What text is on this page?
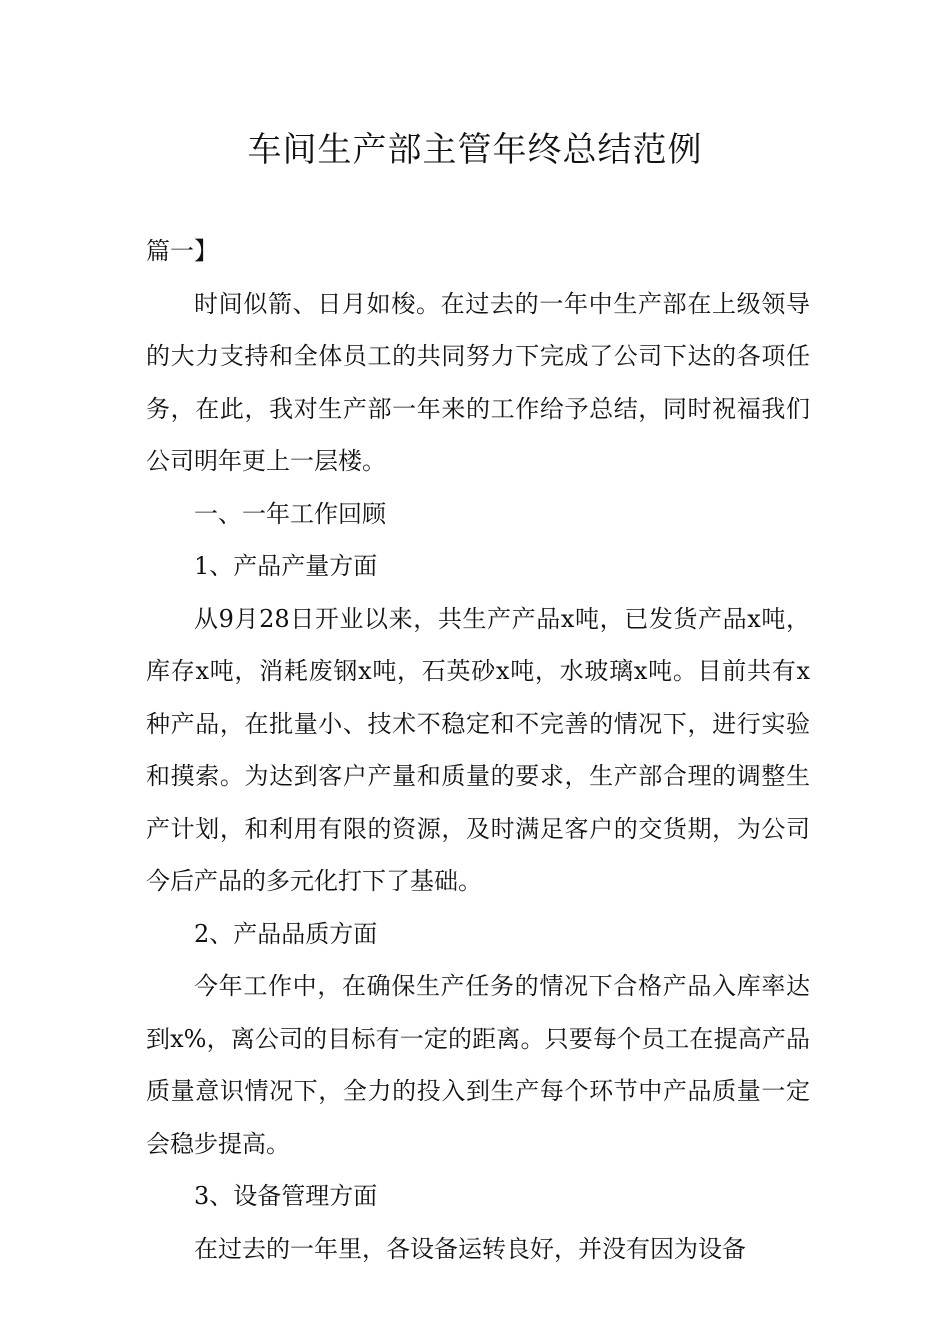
车间生产部主管年终总结范例

篇一】

时间似箭、日月如梭。在过去的一年中生产部在上级领导的大力支持和全体员工的共同努力下完成了公司下达的各项任务，在此，我对生产部一年来的工作给予总结，同时祝福我们公司明年更上一层楼。

一、一年工作回顾

1、产品产量方面

从9月28日开业以来，共生产产品x吨，已发货产品x吨，库存x吨，消耗废钢x吨，石英砂x吨，水玻璃x吨。目前共有x种产品，在批量小、技术不稳定和不完善的情况下，进行实验和摸索。为达到客户产量和质量的要求，生产部合理的调整生产计划，和利用有限的资源，及时满足客户的交货期，为公司今后产品的多元化打下了基础。

2、产品品质方面

今年工作中，在确保生产任务的情况下合格产品入库率达到x%，离公司的目标有一定的距离。只要每个员工在提高产品质量意识情况下，全力的投入到生产每个环节中产品质量一定会稳步提高。

3、设备管理方面

在过去的一年里，各设备运转良好，并没有因为设备
